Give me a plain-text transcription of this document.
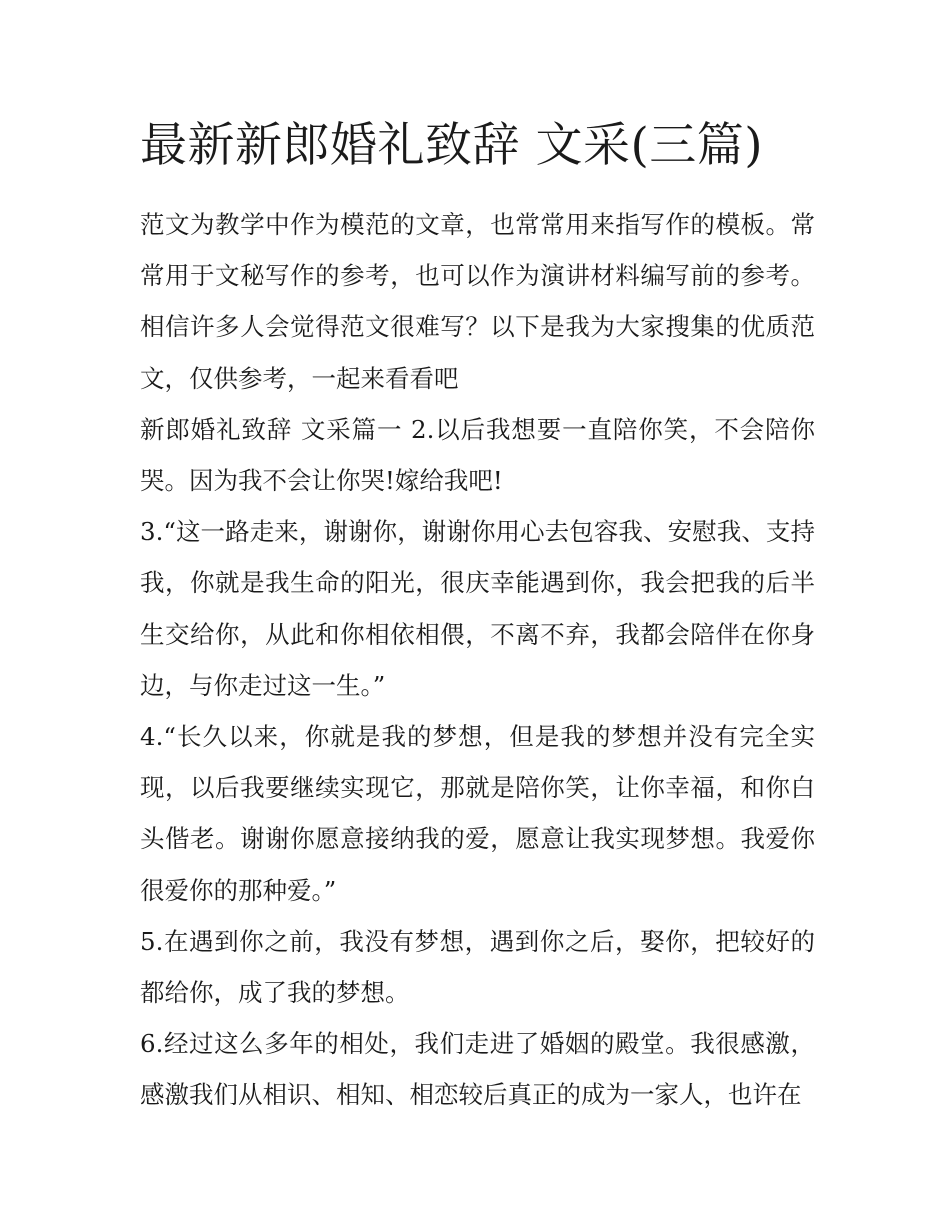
最新新郎婚礼致辞 文采(三篇)

范文为教学中作为模范的文章，也常常用来指写作的模板。常常用于文秘写作的参考，也可以作为演讲材料编写前的参考。相信许多人会觉得范文很难写？以下是我为大家搜集的优质范文，仅供参考，一起来看看吧

新郎婚礼致辞 文采篇一 2.以后我想要一直陪你笑，不会陪你哭。因为我不会让你哭!嫁给我吧!

3.“这一路走来，谢谢你，谢谢你用心去包容我、安慰我、支持我，你就是我生命的阳光，很庆幸能遇到你，我会把我的后半生交给你，从此和你相依相偎，不离不弃，我都会陪伴在你身边，与你走过这一生。”

4.“长久以来，你就是我的梦想，但是我的梦想并没有完全实现，以后我要继续实现它，那就是陪你笑，让你幸福，和你白头偕老。谢谢你愿意接纳我的爱，愿意让我实现梦想。我爱你很爱你的那种爱。”

5.在遇到你之前，我没有梦想，遇到你之后，娶你，把较好的都给你，成了我的梦想。

6.经过这么多年的相处，我们走进了婚姻的殿堂。我很感激，感激我们从相识、相知、相恋较后真正的成为一家人，也许在
